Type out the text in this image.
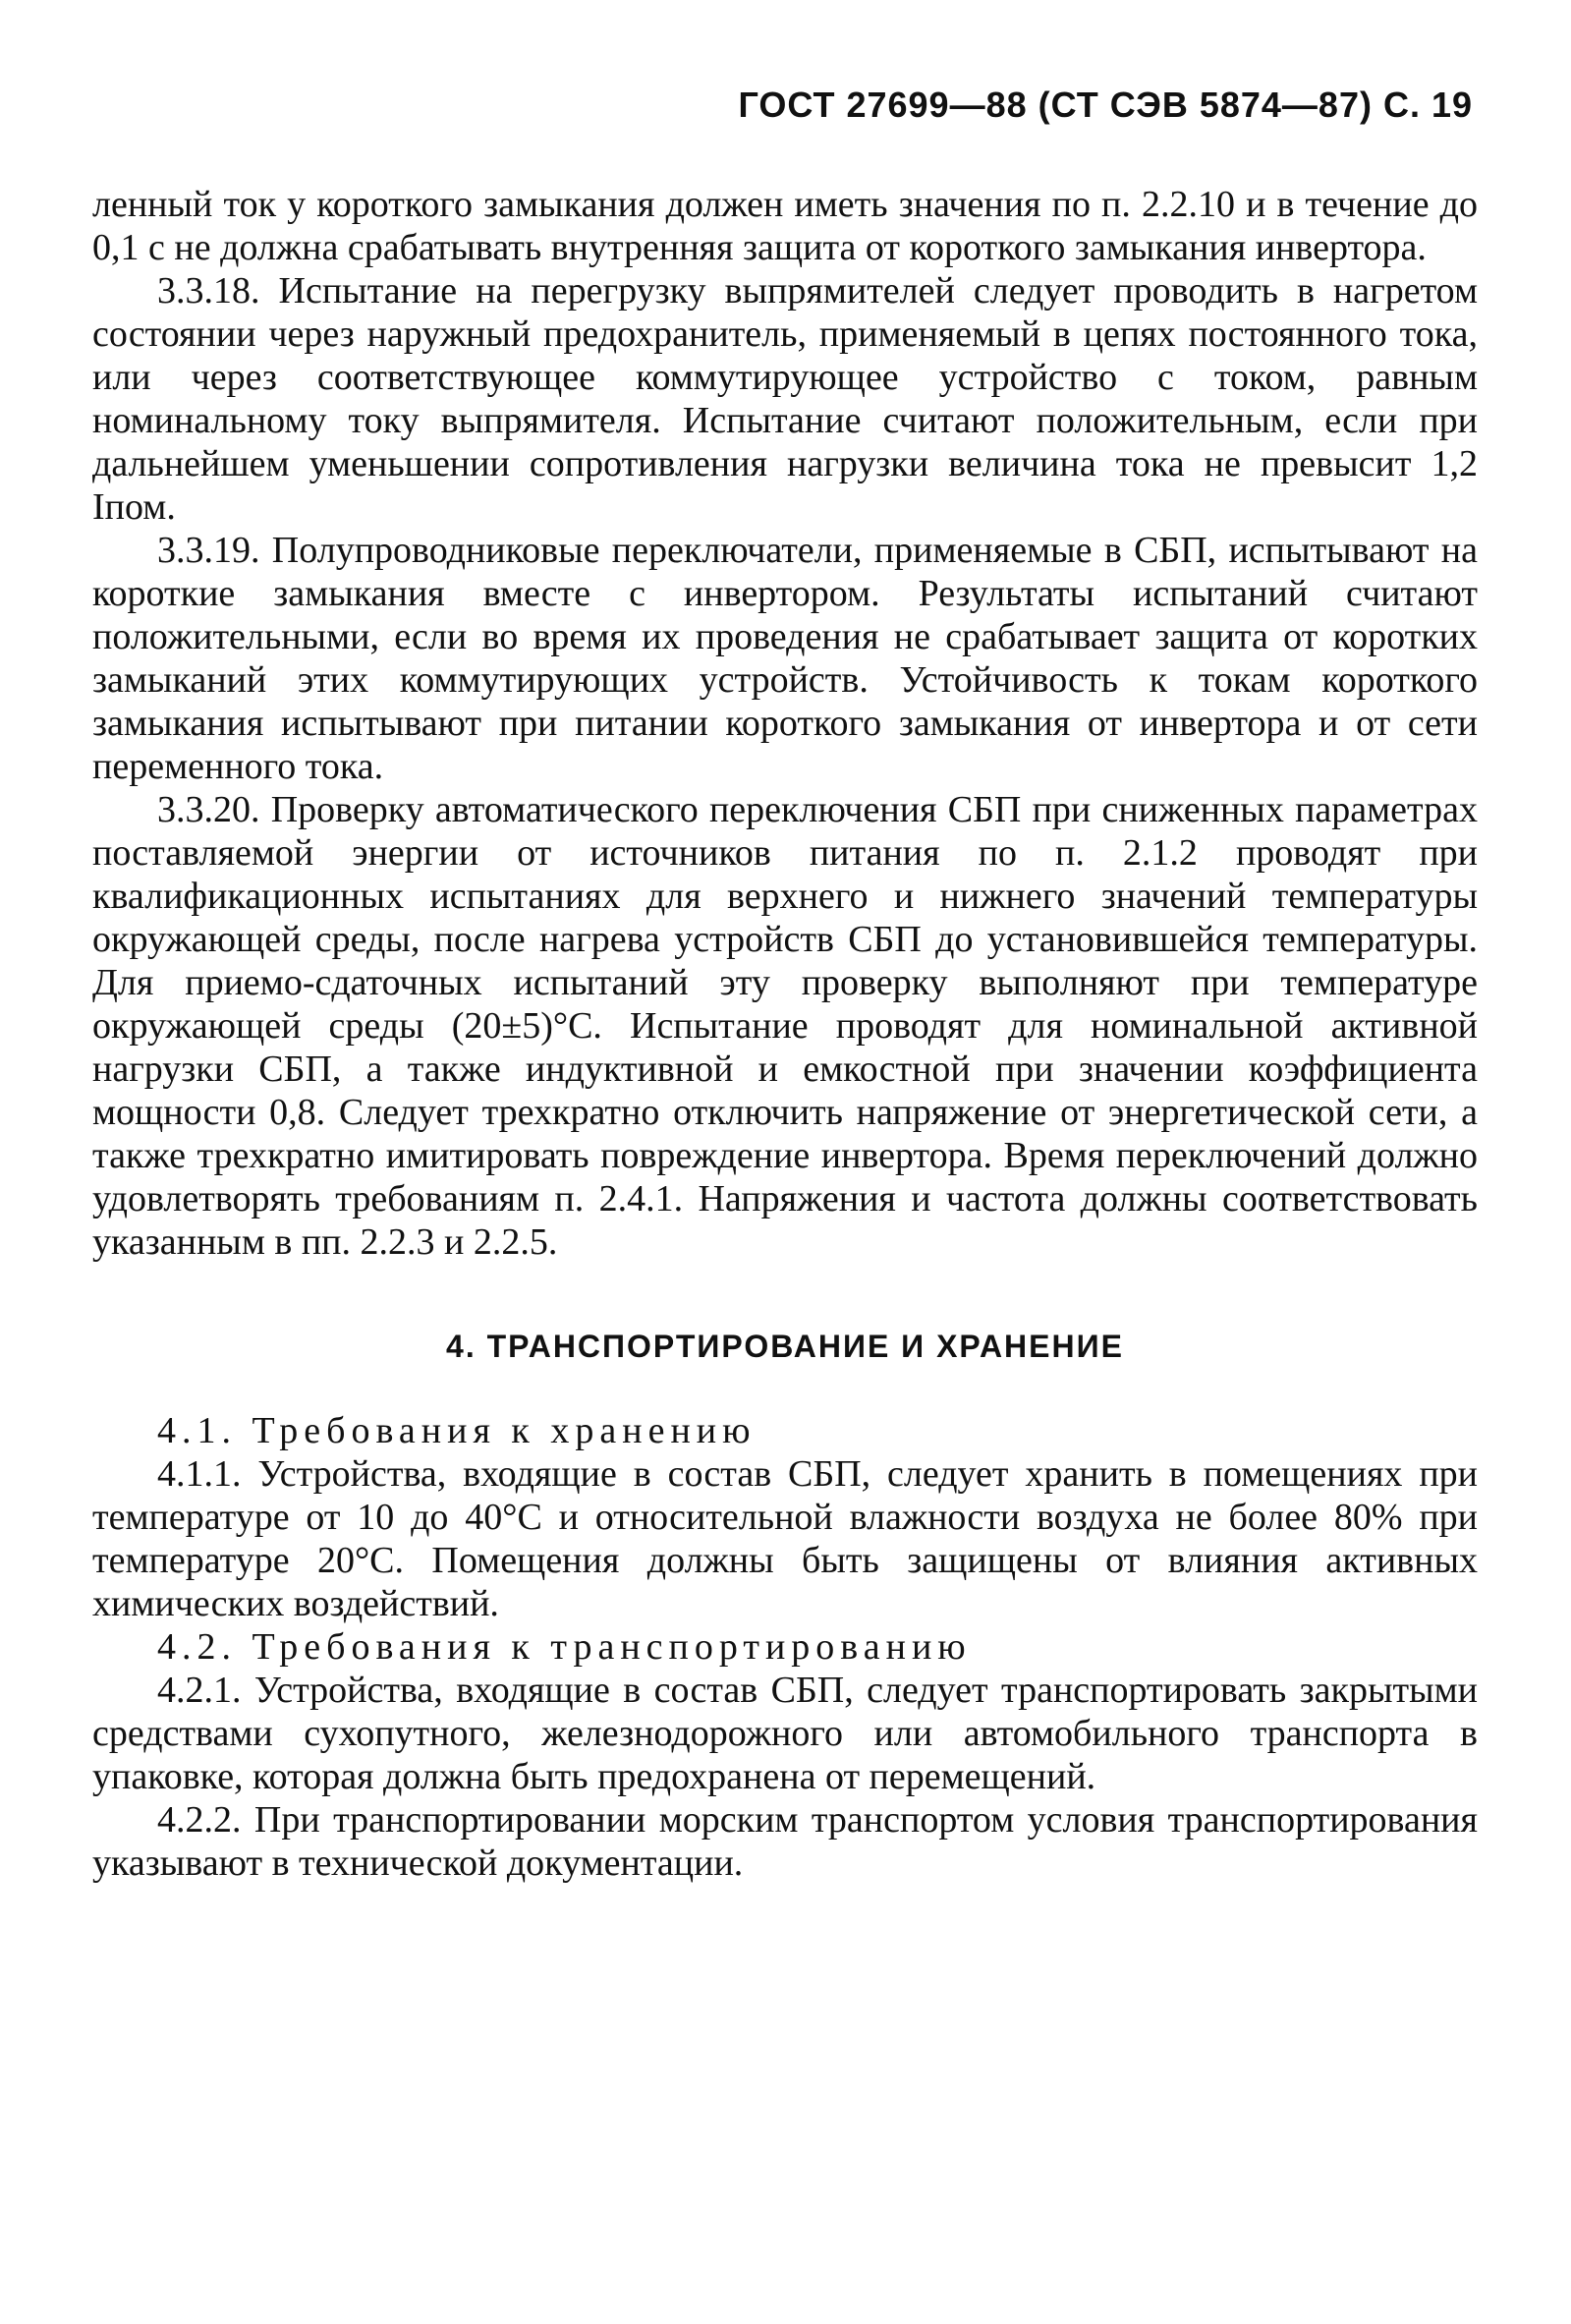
ГОСТ 27699—88 (СТ СЭВ 5874—87) С. 19

ленный ток у короткого замыкания должен иметь значения по п. 2.2.10 и в течение до 0,1 с не должна срабатывать внутренняя защита от короткого замыкания инвертора.

3.3.18. Испытание на перегрузку выпрямителей следует проводить в нагретом состоянии через наружный предохранитель, применяемый в цепях постоянного тока, или через соответствующее коммутирующее устройство с током, равным номинальному току выпрямителя. Испытание считают положительным, если при дальнейшем уменьшении сопротивления нагрузки величина тока не превысит 1,2 Iпом.

3.3.19. Полупроводниковые переключатели, применяемые в СБП, испытывают на короткие замыкания вместе с инвертором. Результаты испытаний считают положительными, если во время их проведения не срабатывает защита от коротких замыканий этих коммутирующих устройств. Устойчивость к токам короткого замыкания испытывают при питании короткого замыкания от инвертора и от сети переменного тока.

3.3.20. Проверку автоматического переключения СБП при сниженных параметрах поставляемой энергии от источников питания по п. 2.1.2 проводят при квалификационных испытаниях для верхнего и нижнего значений температуры окружающей среды, после нагрева устройств СБП до установившейся температуры. Для приемо-сдаточных испытаний эту проверку выполняют при температуре окружающей среды (20±5)°С. Испытание проводят для номинальной активной нагрузки СБП, а также индуктивной и емкостной при значении коэффициента мощности 0,8. Следует трехкратно отключить напряжение от энергетической сети, а также трехкратно имитировать повреждение инвертора. Время переключений должно удовлетворять требованиям п. 2.4.1. Напряжения и частота должны соответствовать указанным в пп. 2.2.3 и 2.2.5.

4. ТРАНСПОРТИРОВАНИЕ И ХРАНЕНИЕ

4.1. Требования к хранению

4.1.1. Устройства, входящие в состав СБП, следует хранить в помещениях при температуре от 10 до 40°С и относительной влажности воздуха не более 80% при температуре 20°С. Помещения должны быть защищены от влияния активных химических воздействий.

4.2. Требования к транспортированию

4.2.1. Устройства, входящие в состав СБП, следует транспортировать закрытыми средствами сухопутного, железнодорожного или автомобильного транспорта в упаковке, которая должна быть предохранена от перемещений.

4.2.2. При транспортировании морским транспортом условия транспортирования указывают в технической документации.
